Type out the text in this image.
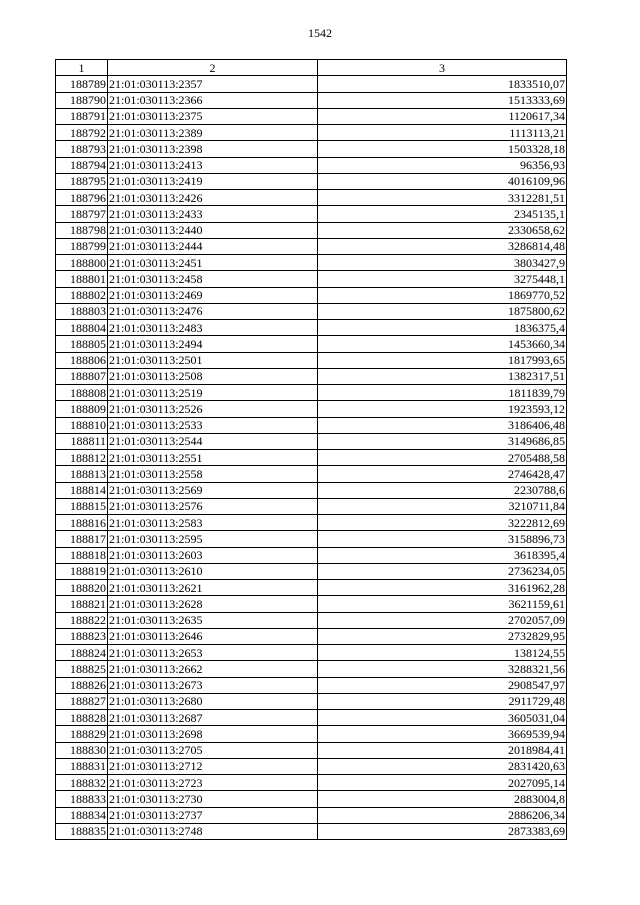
1542
1	2	3
188789	21:01:030113:2357	1833510,07
188790	21:01:030113:2366	1513333,69
188791	21:01:030113:2375	1120617,34
188792	21:01:030113:2389	1113113,21
188793	21:01:030113:2398	1503328,18
188794	21:01:030113:2413	96356,93
188795	21:01:030113:2419	4016109,96
188796	21:01:030113:2426	3312281,51
188797	21:01:030113:2433	2345135,1
188798	21:01:030113:2440	2330658,62
188799	21:01:030113:2444	3286814,48
188800	21:01:030113:2451	3803427,9
188801	21:01:030113:2458	3275448,1
188802	21:01:030113:2469	1869770,52
188803	21:01:030113:2476	1875800,62
188804	21:01:030113:2483	1836375,4
188805	21:01:030113:2494	1453660,34
188806	21:01:030113:2501	1817993,65
188807	21:01:030113:2508	1382317,51
188808	21:01:030113:2519	1811839,79
188809	21:01:030113:2526	1923593,12
188810	21:01:030113:2533	3186406,48
188811	21:01:030113:2544	3149686,85
188812	21:01:030113:2551	2705488,58
188813	21:01:030113:2558	2746428,47
188814	21:01:030113:2569	2230788,6
188815	21:01:030113:2576	3210711,84
188816	21:01:030113:2583	3222812,69
188817	21:01:030113:2595	3158896,73
188818	21:01:030113:2603	3618395,4
188819	21:01:030113:2610	2736234,05
188820	21:01:030113:2621	3161962,28
188821	21:01:030113:2628	3621159,61
188822	21:01:030113:2635	2702057,09
188823	21:01:030113:2646	2732829,95
188824	21:01:030113:2653	138124,55
188825	21:01:030113:2662	3288321,56
188826	21:01:030113:2673	2908547,97
188827	21:01:030113:2680	2911729,48
188828	21:01:030113:2687	3605031,04
188829	21:01:030113:2698	3669539,94
188830	21:01:030113:2705	2018984,41
188831	21:01:030113:2712	2831420,63
188832	21:01:030113:2723	2027095,14
188833	21:01:030113:2730	2883004,8
188834	21:01:030113:2737	2886206,34
188835	21:01:030113:2748	2873383,69
